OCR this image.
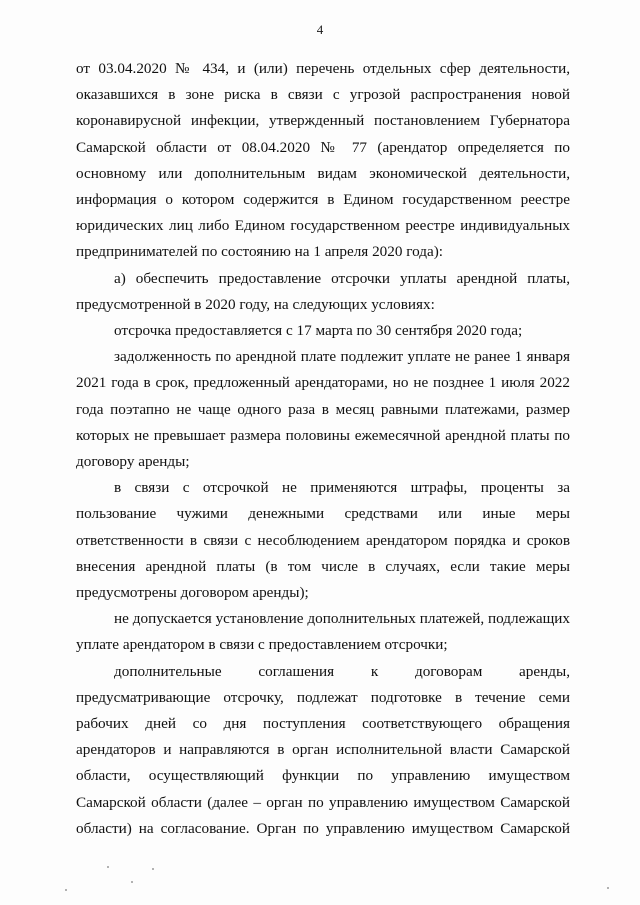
4

от 03.04.2020 № 434, и (или) перечень отдельных сфер деятельности, оказавшихся в зоне риска в связи с угрозой распространения новой коронавирусной инфекции, утвержденный постановлением Губернатора Самарской области от 08.04.2020 № 77 (арендатор определяется по основному или дополнительным видам экономической деятельности, информация о котором содержится в Едином государственном реестре юридических лиц либо Едином государственном реестре индивидуальных предпринимателей по состоянию на 1 апреля 2020 года):

а) обеспечить предоставление отсрочки уплаты арендной платы, предусмотренной в 2020 году, на следующих условиях:

отсрочка предоставляется с 17 марта по 30 сентября 2020 года;

задолженность по арендной плате подлежит уплате не ранее 1 января 2021 года в срок, предложенный арендаторами, но не позднее 1 июля 2022 года поэтапно не чаще одного раза в месяц равными платежами, размер которых не превышает размера половины ежемесячной арендной платы по договору аренды;

в связи с отсрочкой не применяются штрафы, проценты за пользование чужими денежными средствами или иные меры ответственности в связи с несоблюдением арендатором порядка и сроков внесения арендной платы (в том числе в случаях, если такие меры предусмотрены договором аренды);

не допускается установление дополнительных платежей, подлежащих уплате арендатором в связи с предоставлением отсрочки;

дополнительные соглашения к договорам аренды, предусматривающие отсрочку, подлежат подготовке в течение семи рабочих дней со дня поступления соответствующего обращения арендаторов и направляются в орган исполнительной власти Самарской области, осуществляющий функции по управлению имуществом Самарской области (далее – орган по управлению имуществом Самарской области) на согласование. Орган по управлению имуществом Самарской
